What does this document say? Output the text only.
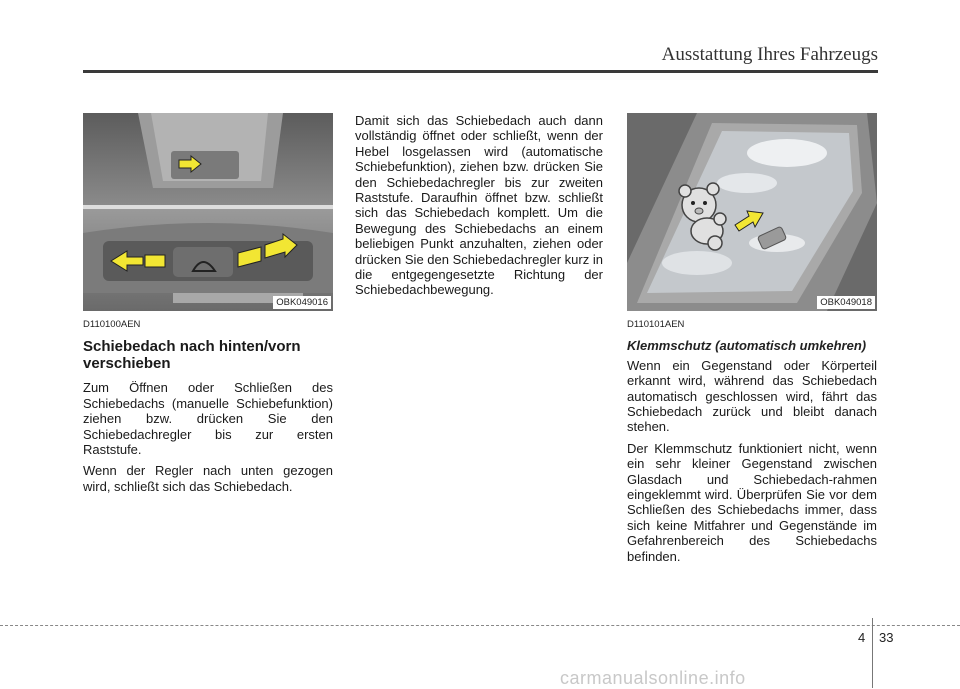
Ausstattung Ihres Fahrzeugs
OBK049016	OBK049018
D110100AEN
Schiebedach nach hinten/vorn verschieben

Zum Öffnen oder Schließen des Schiebedachs (manuelle Schiebefunktion) ziehen bzw. drücken Sie den Schiebedachregler bis zur ersten Raststufe.

Wenn der Regler nach unten gezogen wird, schließt sich das Schiebedach.

Damit sich das Schiebedach auch dann vollständig öffnet oder schließt, wenn der Hebel losgelassen wird (automatische Schiebefunktion), ziehen bzw. drücken Sie den Schiebedachregler bis zur zweiten Raststufe. Daraufhin öffnet bzw. schließt sich das Schiebedach komplett. Um die Bewegung des Schiebedachs an einem beliebigen Punkt anzuhalten, ziehen oder drücken Sie den Schiebedachregler kurz in die entgegengesetzte Richtung der Schiebedachbewegung.

D110101AEN
Klemmschutz (automatisch umkehren)

Wenn ein Gegenstand oder Körperteil erkannt wird, während das Schiebedach automatisch geschlossen wird, fährt das Schiebedach zurück und bleibt danach stehen.

Der Klemmschutz funktioniert nicht, wenn ein sehr kleiner Gegenstand zwischen Glasdach und Schiebedach-rahmen eingeklemmt wird. Überprüfen Sie vor dem Schließen des Schiebedachs immer, dass sich keine Mitfahrer und Gegenstände im Gefahrenbereich des Schiebedachs befinden.

4 33
carmanualsonline.info
